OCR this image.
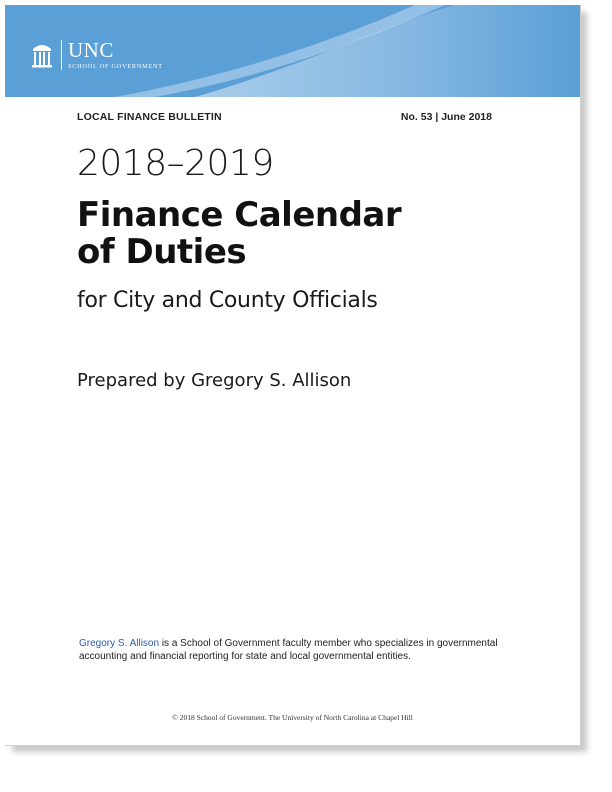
UNC
SCHOOL OF GOVERNMENT
LOCAL FINANCE BULLETIN	No. 53 | June 2018
2018–2019
Finance Calendar
of Duties
for City and County Officials
Prepared by Gregory S. Allison
Gregory S. Allison is a School of Government faculty member who specializes in governmental accounting and financial reporting for state and local governmental entities.
© 2018 School of Government. The University of North Carolina at Chapel Hill
